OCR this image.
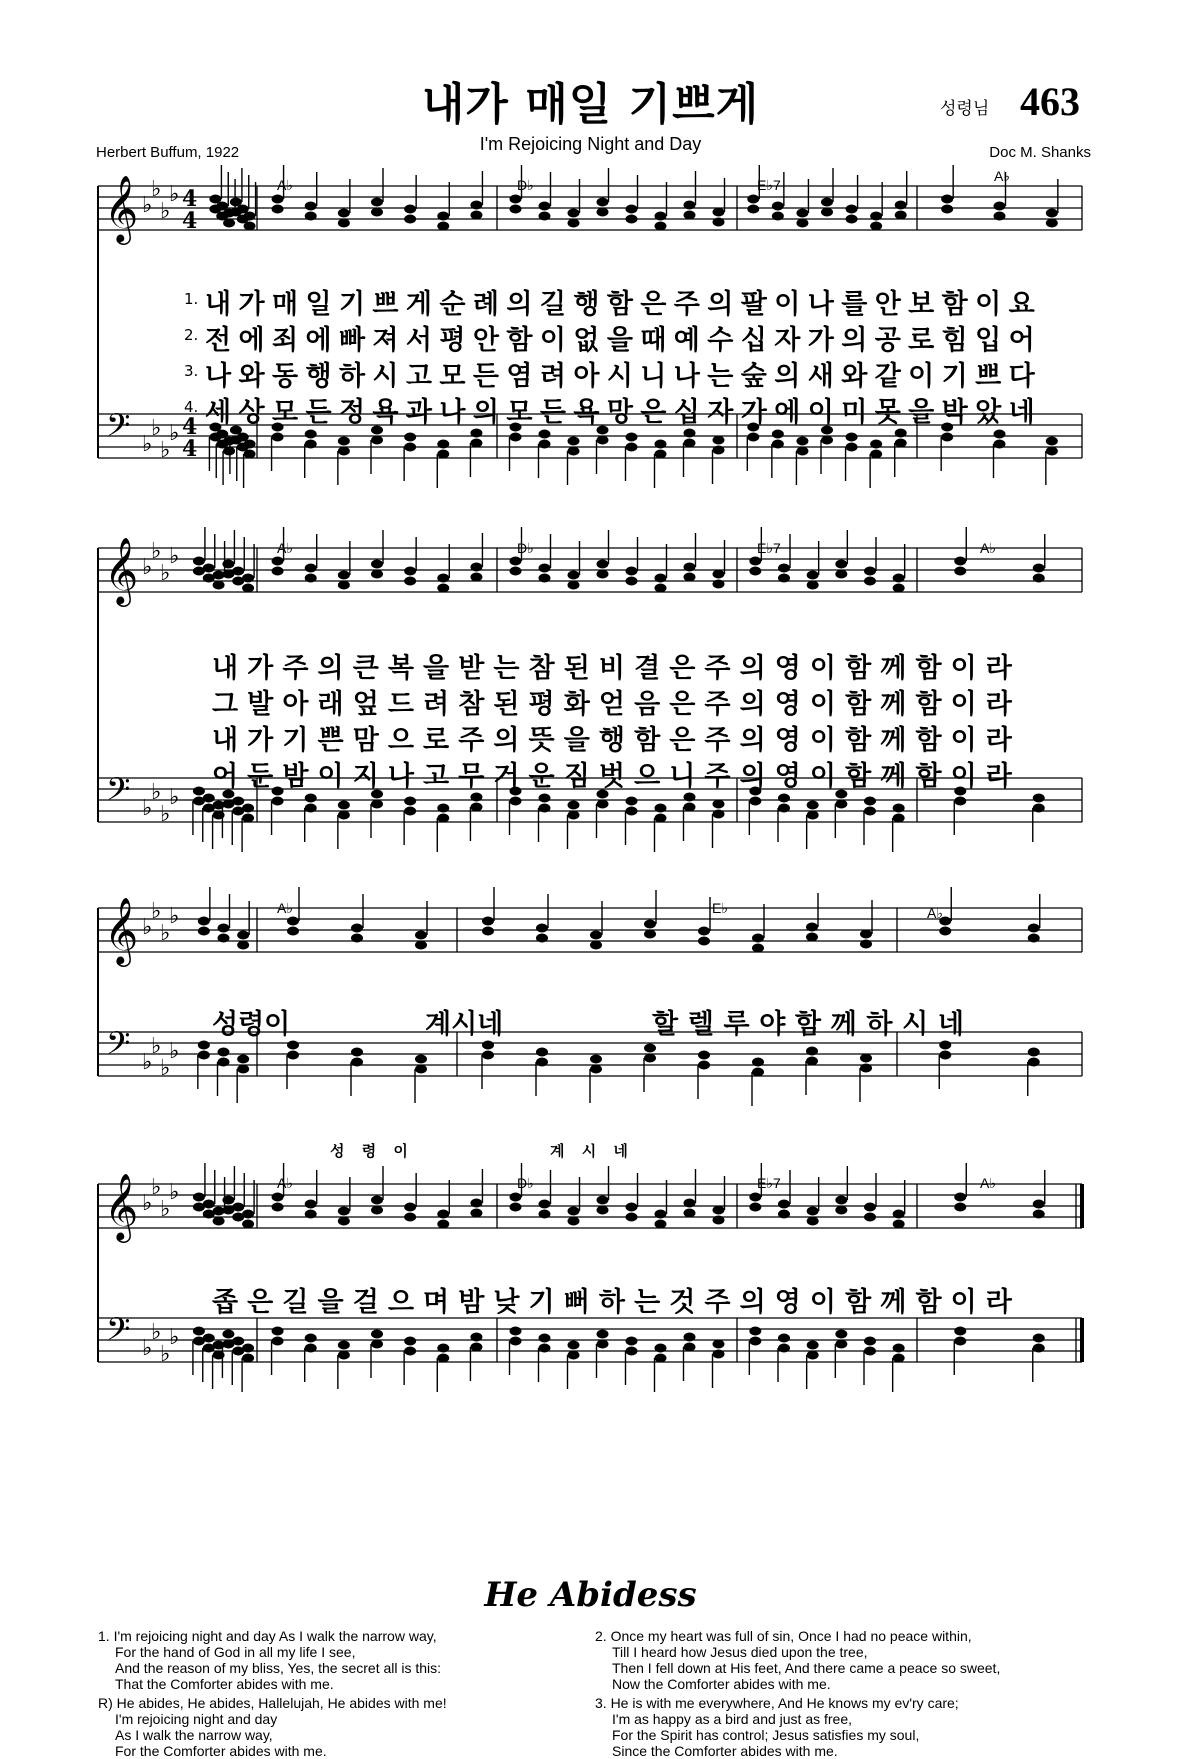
내가 매일 기쁘게	성령님 463
I'm Rejoicing Night and Day
Herbert Buffum, 1922	Doc M. Shanks
𝄞
𝄢
♭
♭
♭
♭
♭
♭
♭
♭
4
4
4
4
𝄞
𝄢
♭
♭
♭
♭
♭
♭
♭
♭
𝄞
𝄢
♭
♭
♭
♭
♭
♭
♭
♭
𝄞
𝄢
♭
♭
♭
♭
♭
♭
♭
♭
A♭	D♭	E♭7
A♭
A♭	D♭	E♭7	A♭
A♭	E♭	A♭
A♭	D♭	E♭7	A♭
1. 내 가 매 일 기 쁘 게 순 례 의 길 행 함 은 주 의 팔 이 나 를 안 보 함 이 요
2. 전 에 죄 에 빠 져 서 평 안 함 이 없 을 때 예 수 십 자 가 의 공 로 힘 입 어
3. 나 와 동 행 하 시 고 모 든 염 려 아 시 니 나 는 숲 의 새 와 같 이 기 쁘 다
4. 세 상 모 든 정 욕 과 나 의 모 든 욕 망 은 십 자 가 에 이 미 못 을 박 았 네
내 가 주 의 큰 복 을 받 는 참 된 비 결 은 주 의 영 이 함 께 함 이 라
그 발 아 래 엎 드 려 참 된 평 화 얻 음 은 주 의 영 이 함 께 함 이 라
내 가 기 쁜 맘 으 로 주 의 뜻 을 행 함 은 주 의 영 이 함 께 함 이 라
어 둔 밤 이 지 나 고 무 거 운 짐 벗 으 니 주 의 영 이 함 께 함 이 라
성령이	계시네	할 렐 루 야 함 께 하 시 네
성 령 이	계 시 네
좁 은 길 을 걸 으 며 밤 낮 기 뻐 하 는 것 주 의 영 이 함 께 함 이 라
He Abidess
1. I'm rejoicing night and day As I walk the narrow way,
For the hand of God in all my life I see,
And the reason of my bliss, Yes, the secret all is this:
That the Comforter abides with me.
R) He abides, He abides, Hallelujah, He abides with me!
I'm rejoicing night and day
As I walk the narrow way,
For the Comforter abides with me.
2. Once my heart was full of sin, Once I had no peace within,
Till I heard how Jesus died upon the tree,
Then I fell down at His feet, And there came a peace so sweet,
Now the Comforter abides with me.
3. He is with me everywhere, And He knows my ev'ry care;
I'm as happy as a bird and just as free,
For the Spirit has control; Jesus satisfies my soul,
Since the Comforter abides with me.
